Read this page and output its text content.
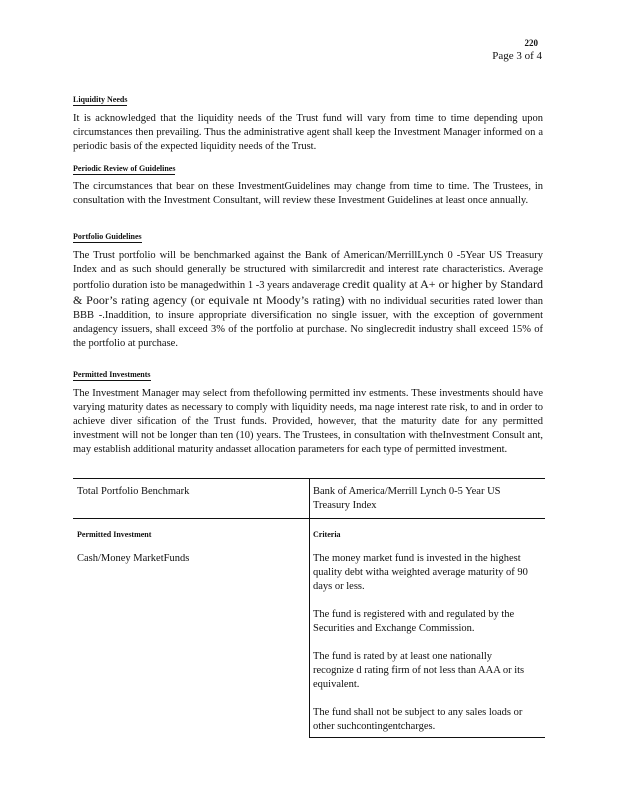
220
Page 3 of 4
Liquidity Needs
It is acknowledged that the liquidity needs of the Trust fund will vary from time to time depending upon circumstances then prevailing. Thus the administrative agent shall keep the Investment Manager informed on a periodic basis of the expected liquidity needs of the Trust.
Periodic Review of Guidelines
The circumstances that bear on these InvestmentGuidelines may change from time to time. The Trustees, in consultation with the Investment Consultant, will review these Investment Guidelines at least once annually.
Portfolio Guidelines
The Trust portfolio will be benchmarked against the Bank of American/MerrillLynch 0 -5Year US Treasury Index and as such should generally be structured with similarcredit and interest rate characteristics. Average portfolio duration isto be managedwithin 1 -3 years andaverage credit quality at A+ or higher by Standard & Poor’s rating agency (or equivale nt Moody’s rating) with no individual securities rated lower than BBB -.Inaddition, to insure appropriate diversification no single issuer, with the exception of government andagency issuers, shall exceed 3% of the portfolio at purchase. No singlecredit industry shall exceed 15% of the portfolio at purchase.
Permitted Investments
The Investment Manager may select from thefollowing permitted inv estments. These investments should have varying maturity dates as necessary to comply with liquidity needs, ma nage interest rate risk, to and in order to achieve diver sification of the Trust funds. Provided, however, that the maturity date for any permitted investment will not be longer than ten (10) years. The Trustees, in consultation with theInvestment Consult ant, may establish additional maturity andasset allocation parameters for each type of permitted investment.
Total Portfolio Benchmark	Bank of America/Merrill Lynch 0-5 Year US Treasury Index
Permitted Investment	Criteria
Cash/Money MarketFunds	The money market fund is invested in the highest quality debt witha weighted average maturity of 90 days or less.
The fund is registered with and regulated by the Securities and Exchange Commission.
The fund is rated by at least one nationally recognize d rating firm of not less than AAA or its equivalent.
The fund shall not be subject to any sales loads or other suchcontingentcharges.
